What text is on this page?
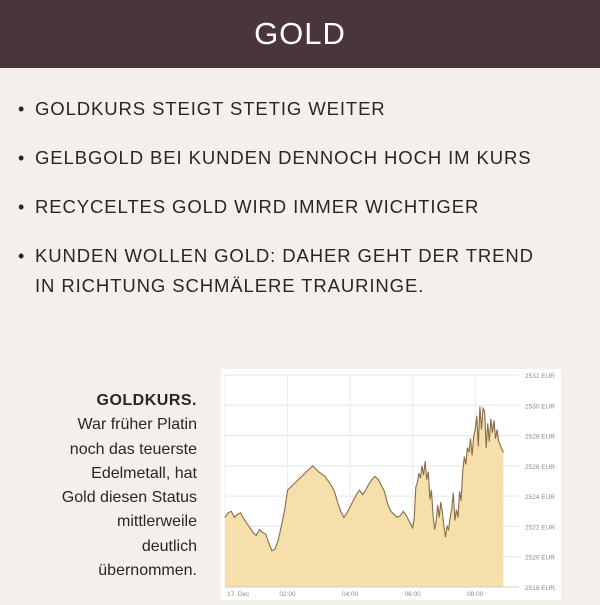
GOLD
• GOLDKURS STEIGT STETIG WEITER
• GELBGOLD BEI KUNDEN DENNOCH HOCH IM KURS
• RECYCELTES GOLD WIRD IMMER WICHTIGER
• KUNDEN WOLLEN GOLD: DAHER GEHT DER TREND
IN RICHTUNG SCHMÄLERE TRAURINGE.
GOLDKURS.
War früher Platin
noch das teuerste
Edelmetall, hat
Gold diesen Status
mittlerweile
deutlich
übernommen.
2532 EUR
2530 EUR
2528 EUR
2526 EUR
2524 EUR
2522 EUR
2520 EUR
2518 EUR
17. Dec	02:00	04:00	06:00	08:00
